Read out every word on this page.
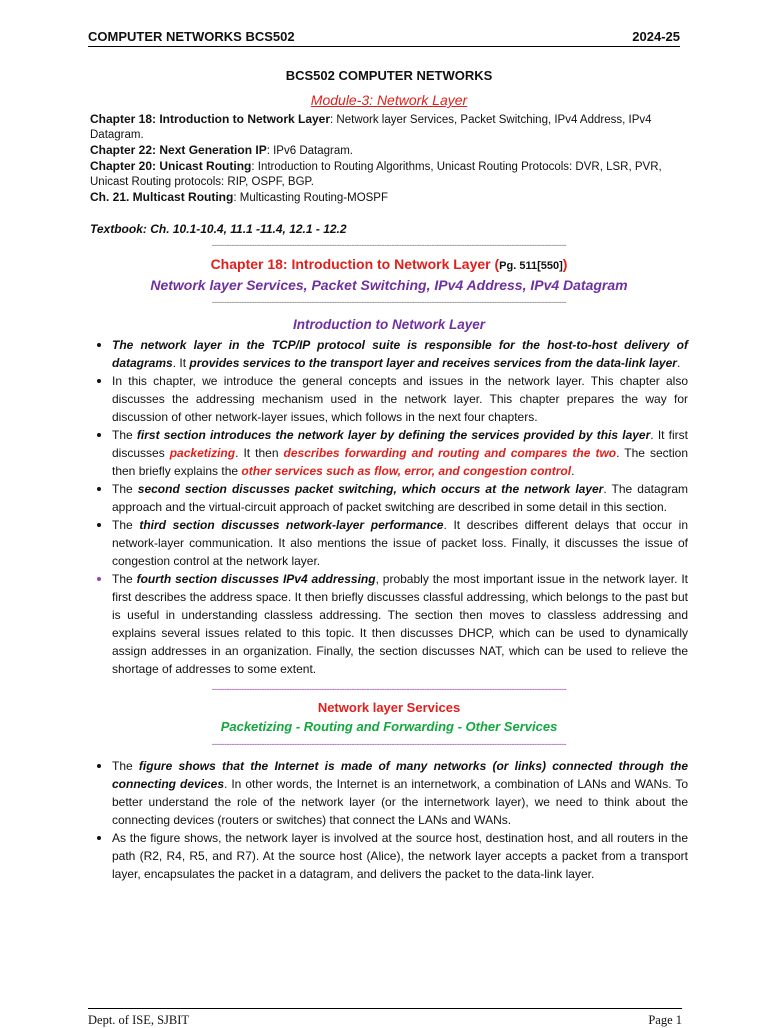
COMPUTER NETWORKS BCS502	2024-25
BCS502 COMPUTER NETWORKS
Module-3: Network Layer
Chapter 18: Introduction to Network Layer: Network layer Services, Packet Switching, IPv4 Address, IPv4 Datagram.
Chapter 22: Next Generation IP: IPv6 Datagram.
Chapter 20: Unicast Routing: Introduction to Routing Algorithms, Unicast Routing Protocols: DVR, LSR, PVR, Unicast Routing protocols: RIP, OSPF, BGP.
Ch. 21. Multicast Routing: Multicasting Routing-MOSPF
Textbook: Ch. 10.1-10.4, 11.1 -11.4, 12.1 - 12.2
----------------------------------------------------------------------------------------------------------------------------------------------
Chapter 18: Introduction to Network Layer (Pg. 511[550])
Network layer Services, Packet Switching, IPv4 Address, IPv4 Datagram
----------------------------------------------------------------------------------------------------------------------------------------------
Introduction to Network Layer
• The network layer in the TCP/IP protocol suite is responsible for the host-to-host delivery of datagrams. It provides services to the transport layer and receives services from the data-link layer.
• In this chapter, we introduce the general concepts and issues in the network layer. This chapter also discusses the addressing mechanism used in the network layer. This chapter prepares the way for discussion of other network-layer issues, which follows in the next four chapters.
• The first section introduces the network layer by defining the services provided by this layer. It first discusses packetizing. It then describes forwarding and routing and compares the two. The section then briefly explains the other services such as flow, error, and congestion control.
• The second section discusses packet switching, which occurs at the network layer. The datagram approach and the virtual-circuit approach of packet switching are described in some detail in this section.
• The third section discusses network-layer performance. It describes different delays that occur in network-layer communication. It also mentions the issue of packet loss. Finally, it discusses the issue of congestion control at the network layer.
• The fourth section discusses IPv4 addressing, probably the most important issue in the network layer. It first describes the address space. It then briefly discusses classful addressing, which belongs to the past but is useful in understanding classless addressing. The section then moves to classless addressing and explains several issues related to this topic. It then discusses DHCP, which can be used to dynamically assign addresses in an organization. Finally, the section discusses NAT, which can be used to relieve the shortage of addresses to some extent.
----------------------------------------------------------------------------------------------------------------------------------------------
Network layer Services
Packetizing - Routing and Forwarding - Other Services
----------------------------------------------------------------------------------------------------------------------------------------------
• The figure shows that the Internet is made of many networks (or links) connected through the connecting devices. In other words, the Internet is an internetwork, a combination of LANs and WANs. To better understand the role of the network layer (or the internetwork layer), we need to think about the connecting devices (routers or switches) that connect the LANs and WANs.
• As the figure shows, the network layer is involved at the source host, destination host, and all routers in the path (R2, R4, R5, and R7). At the source host (Alice), the network layer accepts a packet from a transport layer, encapsulates the packet in a datagram, and delivers the packet to the data-link layer.
Dept. of ISE, SJBIT	Page 1
